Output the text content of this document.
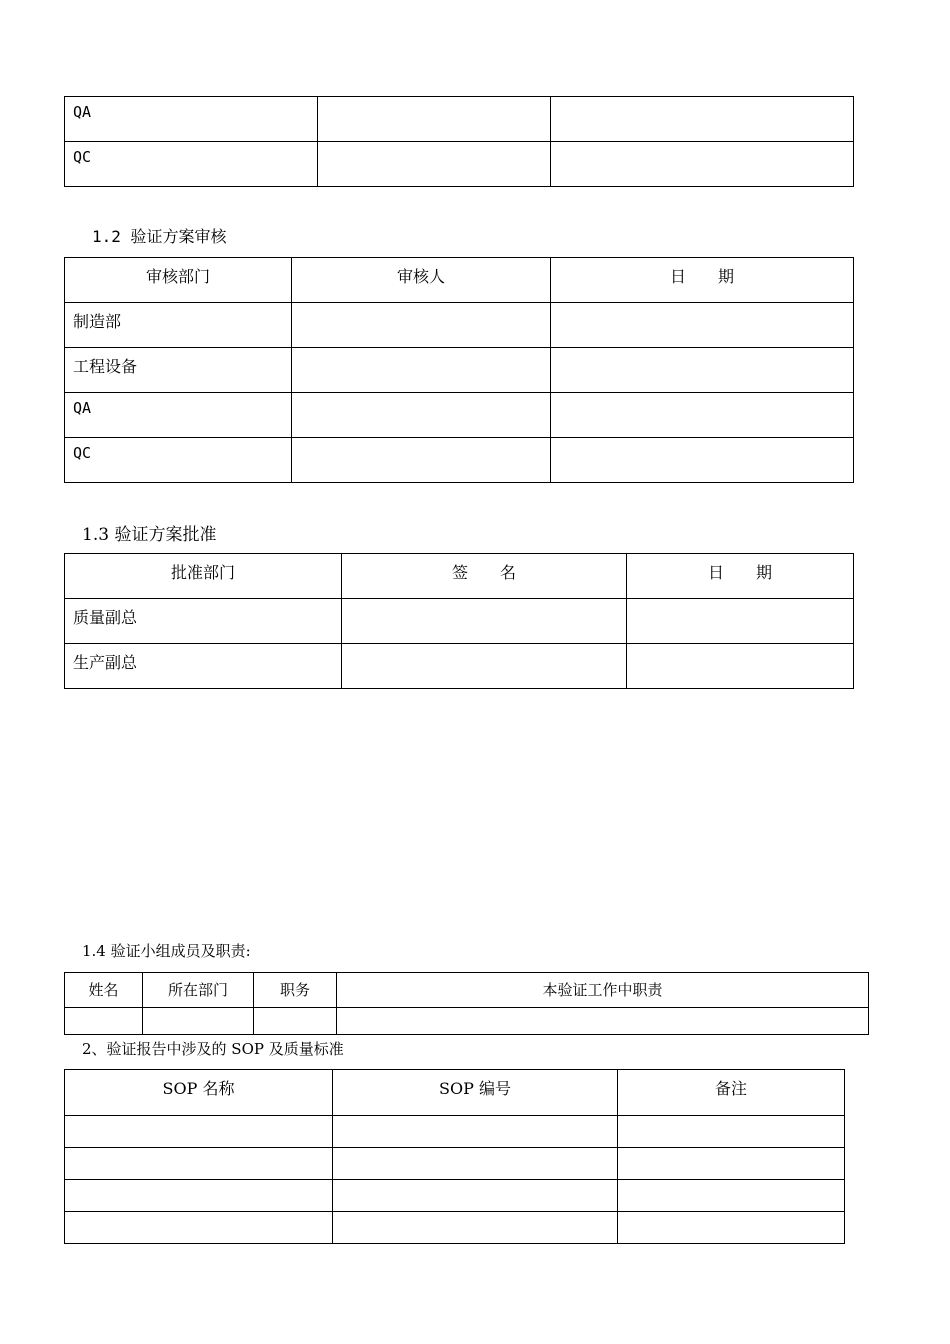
QA		
QC		
1.2 验证方案审核
审核部门	审核人	日　　期
制造部		
工程设备		
QA		
QC		
1.3 验证方案批准
批准部门	签　　名	日　　期
质量副总		
生产副总		
1.4 验证小组成员及职责:
姓名	所在部门	职务	本验证工作中职责

2、验证报告中涉及的 SOP 及质量标准
SOP 名称	SOP 编号	备注
